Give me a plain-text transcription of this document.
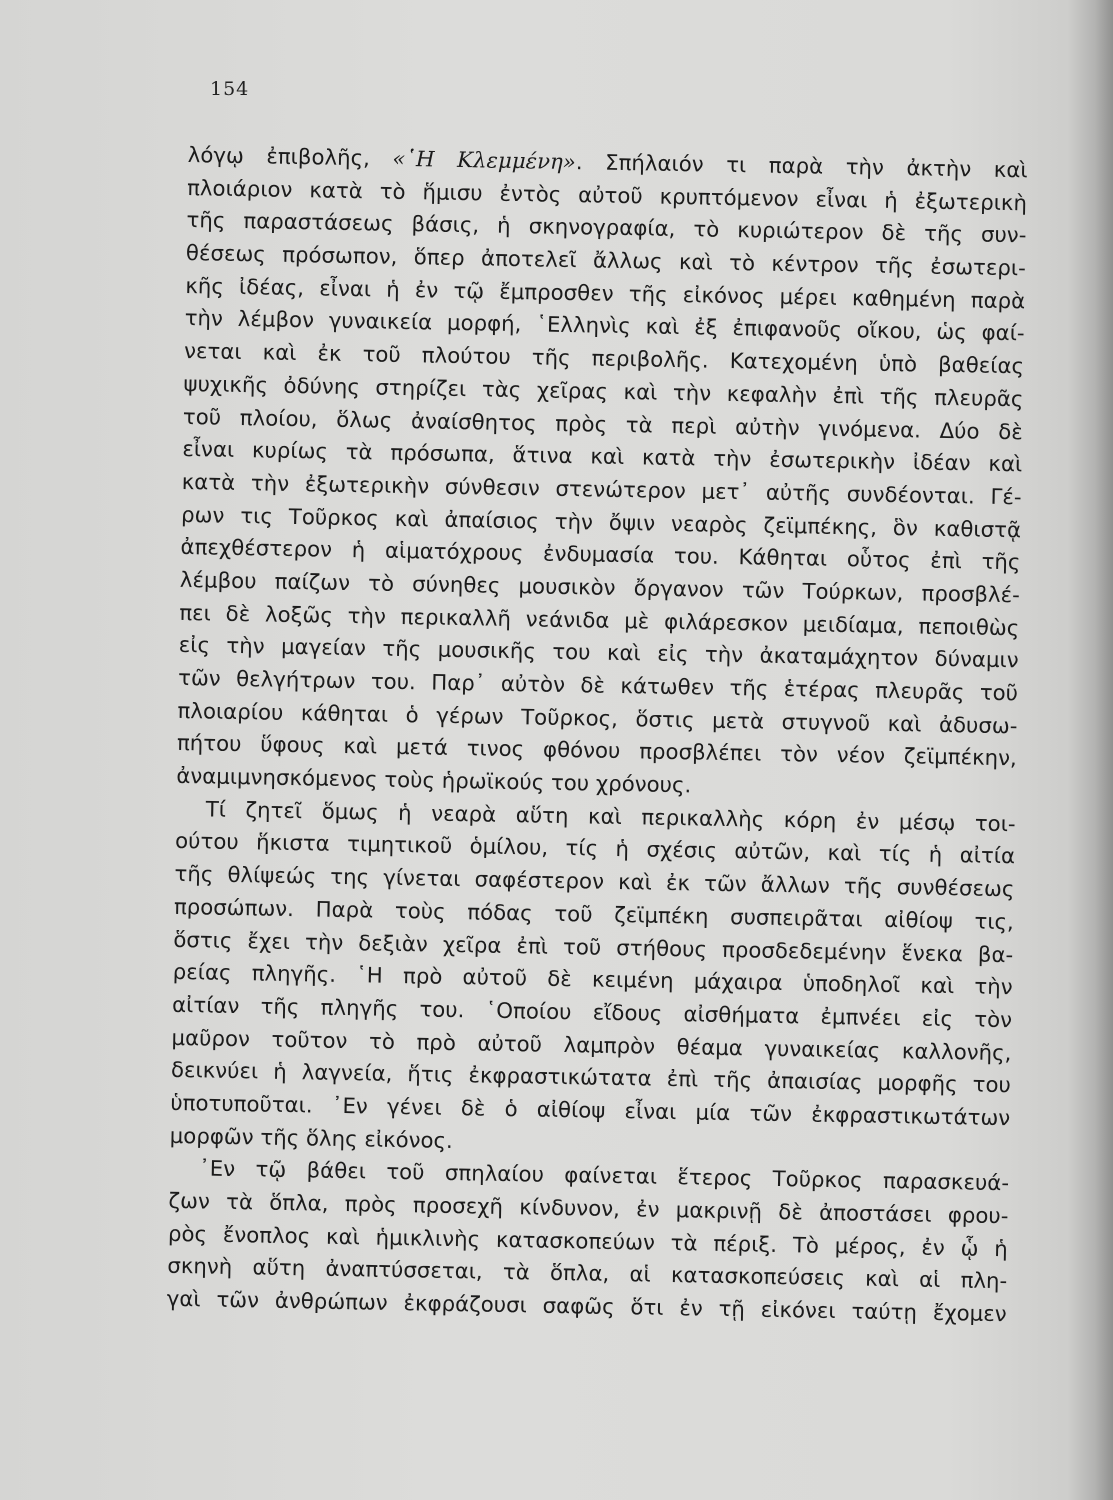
154
λόγῳ ἐπιβολῆς, «῾Η Κλεμμένη». Σπήλαιόν τι παρὰ τὴν ἀκτὴν καὶ
πλοιάριον κατὰ τὸ ἥμισυ ἐντὸς αὐτοῦ κρυπτόμενον εἶναι ἡ ἐξωτερικὴ
τῆς παραστάσεως βάσις, ἡ σκηνογραφία, τὸ κυριώτερον δὲ τῆς συν-
θέσεως πρόσωπον, ὅπερ ἀποτελεῖ ἄλλως καὶ τὸ κέντρον τῆς ἐσωτερι-
κῆς ἰδέας, εἶναι ἡ ἐν τῷ ἔμπροσθεν τῆς εἰκόνος μέρει καθημένη παρὰ
τὴν λέμβον γυναικεία μορφή, ῾Ελληνὶς καὶ ἐξ ἐπιφανοῦς οἴκου, ὡς φαί-
νεται καὶ ἐκ τοῦ πλούτου τῆς περιβολῆς. Κατεχομένη ὑπὸ βαθείας
ψυχικῆς ὀδύνης στηρίζει τὰς χεῖρας καὶ τὴν κεφαλὴν ἐπὶ τῆς πλευρᾶς
τοῦ πλοίου, ὅλως ἀναίσθητος πρὸς τὰ περὶ αὐτὴν γινόμενα. Δύο δὲ
εἶναι κυρίως τὰ πρόσωπα, ἅτινα καὶ κατὰ τὴν ἐσωτερικὴν ἰδέαν καὶ
κατὰ τὴν ἐξωτερικὴν σύνθεσιν στενώτερον μετ᾽ αὐτῆς συνδέονται. Γέ-
ρων τις Τοῦρκος καὶ ἀπαίσιος τὴν ὄψιν νεαρὸς ζεϊμπέκης, ὃν καθιστᾷ
ἀπεχθέστερον ἡ αἱματόχρους ἐνδυμασία του. Κάθηται οὗτος ἐπὶ τῆς
λέμβου παίζων τὸ σύνηθες μουσικὸν ὄργανον τῶν Τούρκων, προσβλέ-
πει δὲ λοξῶς τὴν περικαλλῆ νεάνιδα μὲ φιλάρεσκον μειδίαμα, πεποιθὼς
εἰς τὴν μαγείαν τῆς μουσικῆς του καὶ εἰς τὴν ἀκαταμάχητον δύναμιν
τῶν θελγήτρων του. Παρ᾽ αὐτὸν δὲ κάτωθεν τῆς ἑτέρας πλευρᾶς τοῦ
πλοιαρίου κάθηται ὁ γέρων Τοῦρκος, ὅστις μετὰ στυγνοῦ καὶ ἀδυσω-
πήτου ὕφους καὶ μετά τινος φθόνου προσβλέπει τὸν νέον ζεϊμπέκην,
ἀναμιμνησκόμενος τοὺς ἡρωϊκούς του χρόνους.
Τί ζητεῖ ὅμως ἡ νεαρὰ αὕτη καὶ περικαλλὴς κόρη ἐν μέσῳ τοι-
ούτου ἥκιστα τιμητικοῦ ὁμίλου, τίς ἡ σχέσις αὐτῶν, καὶ τίς ἡ αἰτία
τῆς θλίψεώς της γίνεται σαφέστερον καὶ ἐκ τῶν ἄλλων τῆς συνθέσεως
προσώπων. Παρὰ τοὺς πόδας τοῦ ζεϊμπέκη συσπειρᾶται αἰθίοψ τις,
ὅστις ἔχει τὴν δεξιὰν χεῖρα ἐπὶ τοῦ στήθους προσδεδεμένην ἕνεκα βα-
ρείας πληγῆς. ῾Η πρὸ αὐτοῦ δὲ κειμένη μάχαιρα ὑποδηλοῖ καὶ τὴν
αἰτίαν τῆς πληγῆς του. ῾Οποίου εἴδους αἰσθήματα ἐμπνέει εἰς τὸν
μαῦρον τοῦτον τὸ πρὸ αὐτοῦ λαμπρὸν θέαμα γυναικείας καλλονῆς,
δεικνύει ἡ λαγνεία, ἥτις ἐκφραστικώτατα ἐπὶ τῆς ἀπαισίας μορφῆς του
ὑποτυποῦται. ᾽Εν γένει δὲ ὁ αἰθίοψ εἶναι μία τῶν ἐκφραστικωτάτων
μορφῶν τῆς ὅλης εἰκόνος.
᾽Εν τῷ βάθει τοῦ σπηλαίου φαίνεται ἕτερος Τοῦρκος παρασκευά-
ζων τὰ ὅπλα, πρὸς προσεχῆ κίνδυνον, ἐν μακρινῇ δὲ ἀποστάσει φρου-
ρὸς ἔνοπλος καὶ ἡμικλινὴς κατασκοπεύων τὰ πέριξ. Τὸ μέρος, ἐν ᾧ ἡ
σκηνὴ αὕτη ἀναπτύσσεται, τὰ ὅπλα, αἱ κατασκοπεύσεις καὶ αἱ πλη-
γαὶ τῶν ἀνθρώπων ἐκφράζουσι σαφῶς ὅτι ἐν τῇ εἰκόνει ταύτῃ ἔχομεν
